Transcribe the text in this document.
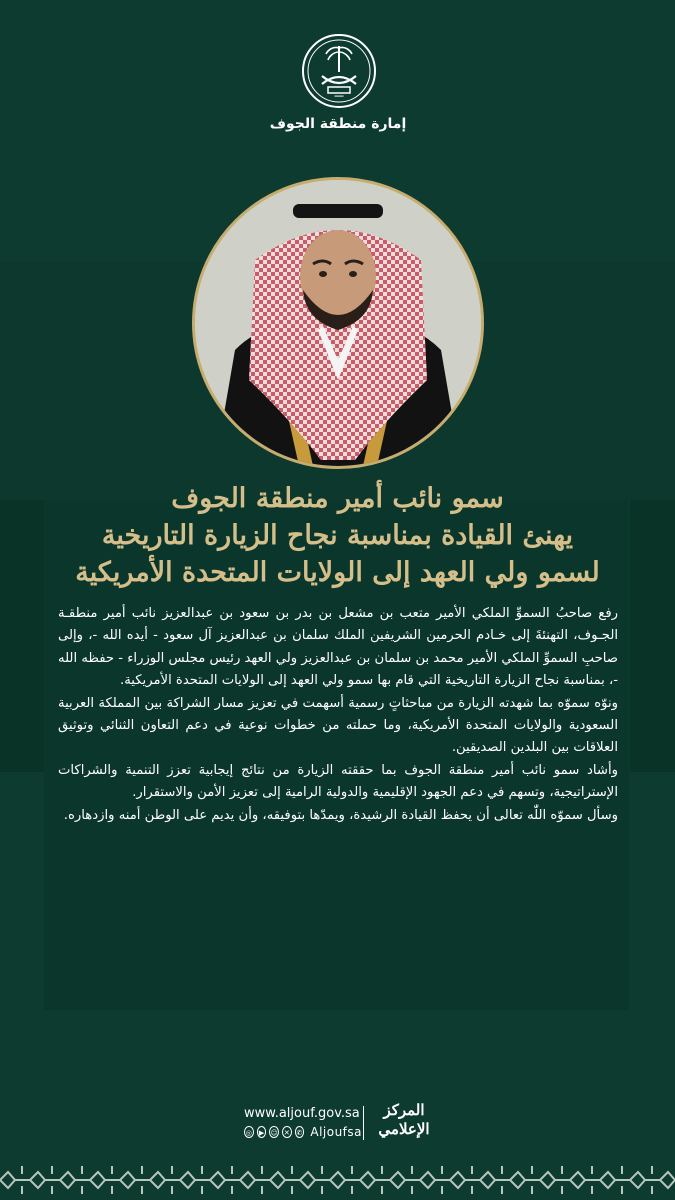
═══
إمارة منطقة الجوف
سمو نائب أمير منطقة الجوف
يهنئ القيادة بمناسبة نجاح الزيارة التاريخية
لسمو ولي العهد إلى الولايات المتحدة الأمريكية

رفع صاحبُ السموِّ الملكي الأمير متعب بن مشعل بن بدر بن سعود بن عبدالعزيز نائب أمير منطقـة الجـوف، التهنئةَ إلى خـادم الحرمين الشريفين الملك سلمان بن عبدالعزيز آل سعود - أيده الله -، وإلى صاحبِ السموِّ الملكي الأمير محمد بن سلمان بن عبدالعزيز ولي العهد رئيس مجلس الوزراء - حفظه الله -، بمناسبة نجاح الزيارة التاريخية التي قام بها سمو ولي العهد إلى الولايات المتحدة الأمريكية.

ونوّه سموّه بما شهدته الزيارة من مباحثاتٍ رسمية أسهمت في تعزيز مسار الشراكة بين المملكة العربية السعودية والولايات المتحدة الأمريكية، وما حملته من خطوات نوعية في دعم التعاون الثنائي وتوثيق العلاقات بين البلدين الصديقين.

وأشاد سمو نائب أمير منطقة الجوف بما حققته الزيارة من نتائج إيجابية تعزز التنمية والشراكات الإستراتيجية، وتسهم في دعم الجهود الإقليمية والدولية الرامية إلى تعزيز الأمن والاستقرار.

وسأل سموّه اللّٰه تعالى أن يحفظ القيادة الرشيدة، ويمدّها بتوفيقه، وأن يديم على الوطن أمنه وازدهاره.

www.aljouf.gov.sa
◎ ▶ ☺ ✕ ✆ Aljoufsa
المركز
الإعلامي
